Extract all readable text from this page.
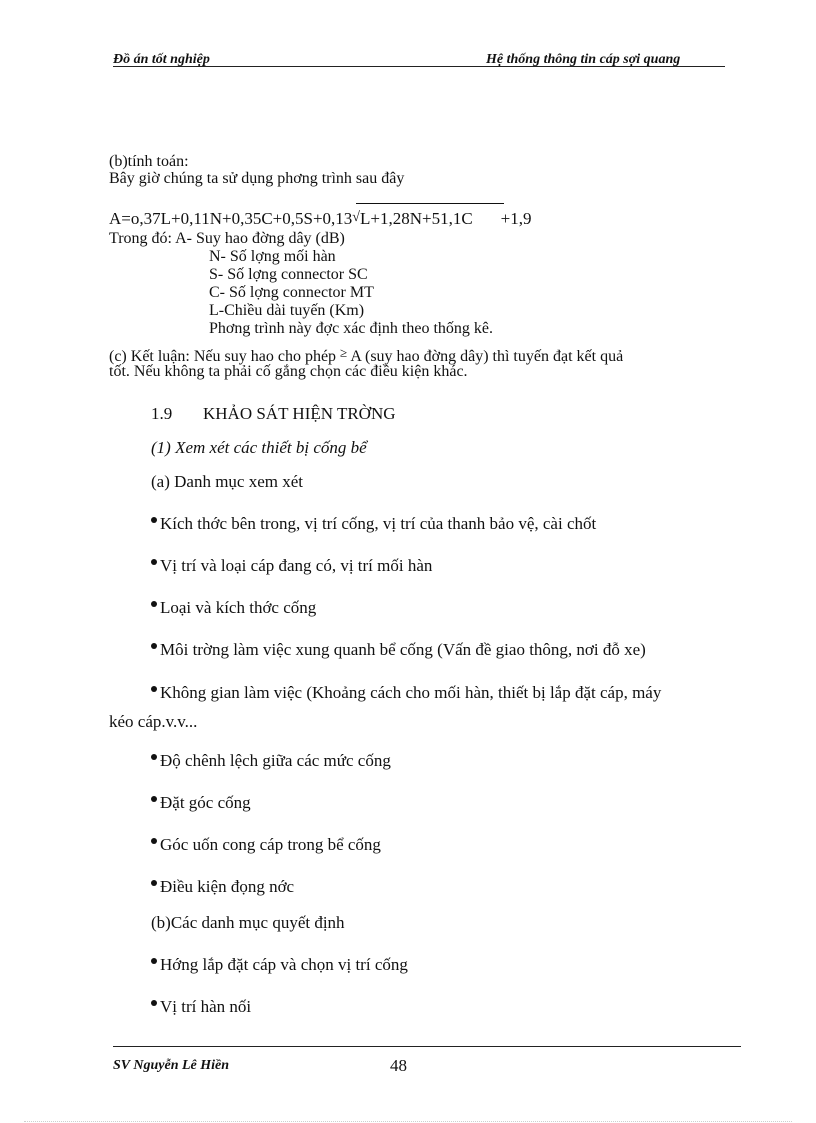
Đồ án tốt nghiệp	Hệ thống thông tin cáp sợi quang
(b)tính toán:
Bây giờ chúng ta sử dụng phơng trình sau đây
A=o,37L+0,11N+0,35C+0,5S+0,13√L+1,28N+51,1C +1,9
Trong đó: A- Suy hao đờng dây (dB)
N- Số lợng mối hàn
S- Số lợng connector SC
C- Số lợng connector MT
L-Chiều dài tuyến (Km)
Phơng trình này đợc xác định theo thống kê.
(c) Kết luận: Nếu suy hao cho phép ≥ A (suy hao đờng dây) thì tuyến đạt kết quả
tốt. Nếu không ta phải cố gắng chọn các điều kiện khác.
1.9 KHẢO SÁT HIỆN TRỜNG
(1) Xem xét các thiết bị cống bể
(a) Danh mục xem xét
Kích thớc bên trong, vị trí cống, vị trí của thanh bảo vệ, cài chốt
Vị trí và loại cáp đang có, vị trí mối hàn
Loại và kích thớc cống
Môi trờng làm việc xung quanh bể cống (Vấn đề giao thông, nơi đỗ xe)
Không gian làm việc (Khoảng cách cho mối hàn, thiết bị lắp đặt cáp, máy
kéo cáp.v.v...
Độ chênh lệch giữa các mức cống
Đặt góc cống
Góc uốn cong cáp trong bể cống
Điều kiện đọng nớc
(b)Các danh mục quyết định
Hớng lắp đặt cáp và chọn vị trí cống
Vị trí hàn nối
SV Nguyễn Lê Hiền	48
